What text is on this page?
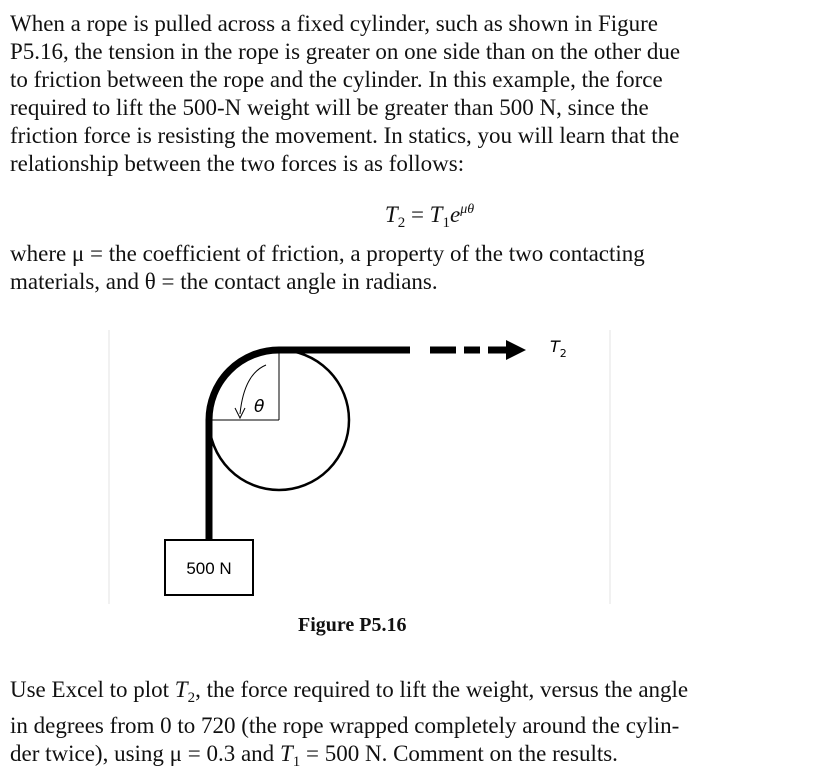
When a rope is pulled across a fixed cylinder, such as shown in Figure
P5.16, the tension in the rope is greater on one side than on the other due
to friction between the rope and the cylinder. In this example, the force
required to lift the 500-N weight will be greater than 500 N, since the
friction force is resisting the movement. In statics, you will learn that the
relationship between the two forces is as follows:
$T_2 = T_1e^{\mu\theta}$
where μ = the coefficient of friction, a property of the two contacting
materials, and θ = the contact angle in radians.
θ
$T_2$
500 N
Figure P5.16
Use Excel to plot $T_2$, the force required to lift the weight, versus the angle
in degrees from 0 to 720 (the rope wrapped completely around the cylin-
der twice), using μ = 0.3 and $T_1 = 500$ N. Comment on the results.
